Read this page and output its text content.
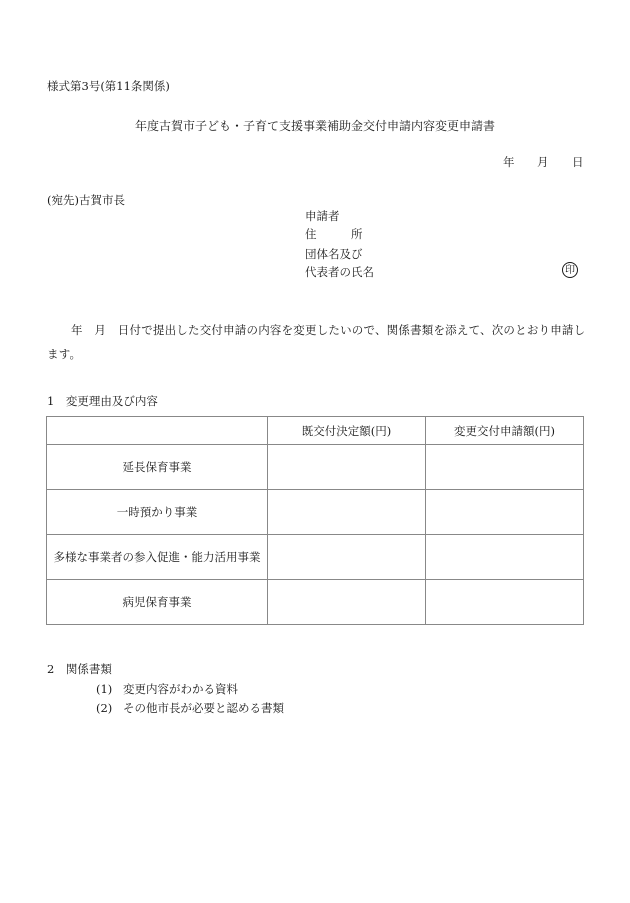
様式第3号(第11条関係)
年度古賀市子ども・子育て支援事業補助金交付申請内容変更申請書
年 月 日
(宛先)古賀市長
申請者
住　　　所
団体名及び
代表者の氏名	印
年　月　日付で提出した交付申請の内容を変更したいので、関係書類を添えて、次のとおり申請します。
1　変更理由及び内容
	既交付決定額(円)	変更交付申請額(円)
延長保育事業		
一時預かり事業		
多様な事業者の参入促進・能力活用事業		
病児保育事業		
2　関係書類
(1) 変更内容がわかる資料
(2) その他市長が必要と認める書類
